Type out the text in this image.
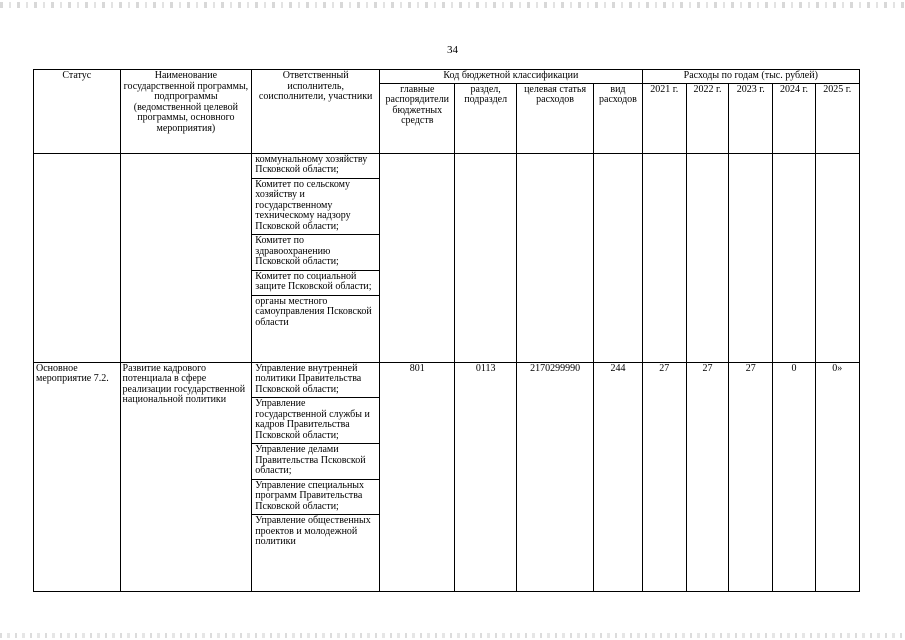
34
Статус	Наименование государственной программы, подпрограммы (ведомственной целевой программы, основного мероприятия)	Ответственный исполнитель, соисполнители, участники	Код бюджетной классификации				Расходы по годам (тыс. рублей)				
			главные распорядители бюджетных средств	раздел, подраздел	целевая статья расходов	вид расходов	2021 г.	2022 г.	2023 г.	2024 г.	2025 г.

		коммунальному хозяйству Псковской области;
Комитет по сельскому хозяйству и государственному техническому надзору Псковской области;
Комитет по здравоохранению Псковской области;
Комитет по социальной защите Псковской области;
органы местного самоуправления Псковской области									

Основное мероприятие 7.2.	Развитие кадрового потенциала в сфере реализации государственной национальной политики	Управление внутренней политики Правительства Псковской области;
Управление государственной службы и кадров Правительства Псковской области;
Управление делами Правительства Псковской области;
Управление специальных программ Правительства Псковской области;
Управление общественных проектов и молодежной политики	801	0113	2170299990	244	27	27	27	0	0»
